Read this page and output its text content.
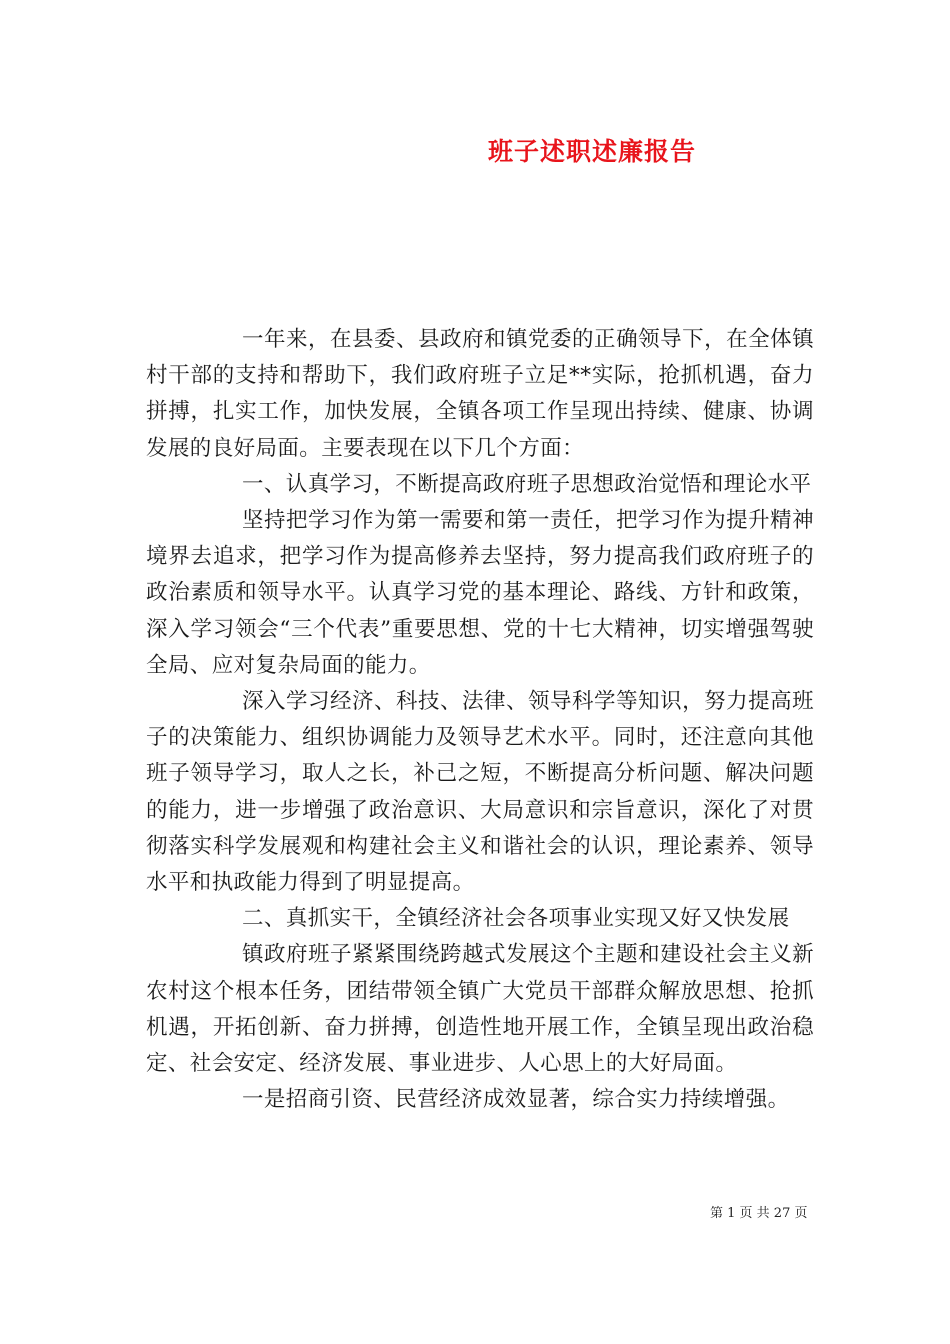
班子述职述廉报告

一年来，在县委、县政府和镇党委的正确领导下，在全体镇村干部的支持和帮助下，我们政府班子立足**实际，抢抓机遇，奋力拼搏，扎实工作，加快发展，全镇各项工作呈现出持续、健康、协调发展的良好局面。主要表现在以下几个方面：

一、认真学习，不断提高政府班子思想政治觉悟和理论水平

坚持把学习作为第一需要和第一责任，把学习作为提升精神境界去追求，把学习作为提高修养去坚持，努力提高我们政府班子的政治素质和领导水平。认真学习党的基本理论、路线、方针和政策，深入学习领会“三个代表”重要思想、党的十七大精神，切实增强驾驶全局、应对复杂局面的能力。

深入学习经济、科技、法律、领导科学等知识，努力提高班子的决策能力、组织协调能力及领导艺术水平。同时，还注意向其他班子领导学习，取人之长，补己之短，不断提高分析问题、解决问题的能力，进一步增强了政治意识、大局意识和宗旨意识，深化了对贯彻落实科学发展观和构建社会主义和谐社会的认识，理论素养、领导水平和执政能力得到了明显提高。

二、真抓实干，全镇经济社会各项事业实现又好又快发展

镇政府班子紧紧围绕跨越式发展这个主题和建设社会主义新农村这个根本任务，团结带领全镇广大党员干部群众解放思想、抢抓机遇，开拓创新、奋力拼搏，创造性地开展工作，全镇呈现出政治稳定、社会安定、经济发展、事业进步、人心思上的大好局面。

一是招商引资、民营经济成效显著，综合实力持续增强。

第 1 页 共 27 页
